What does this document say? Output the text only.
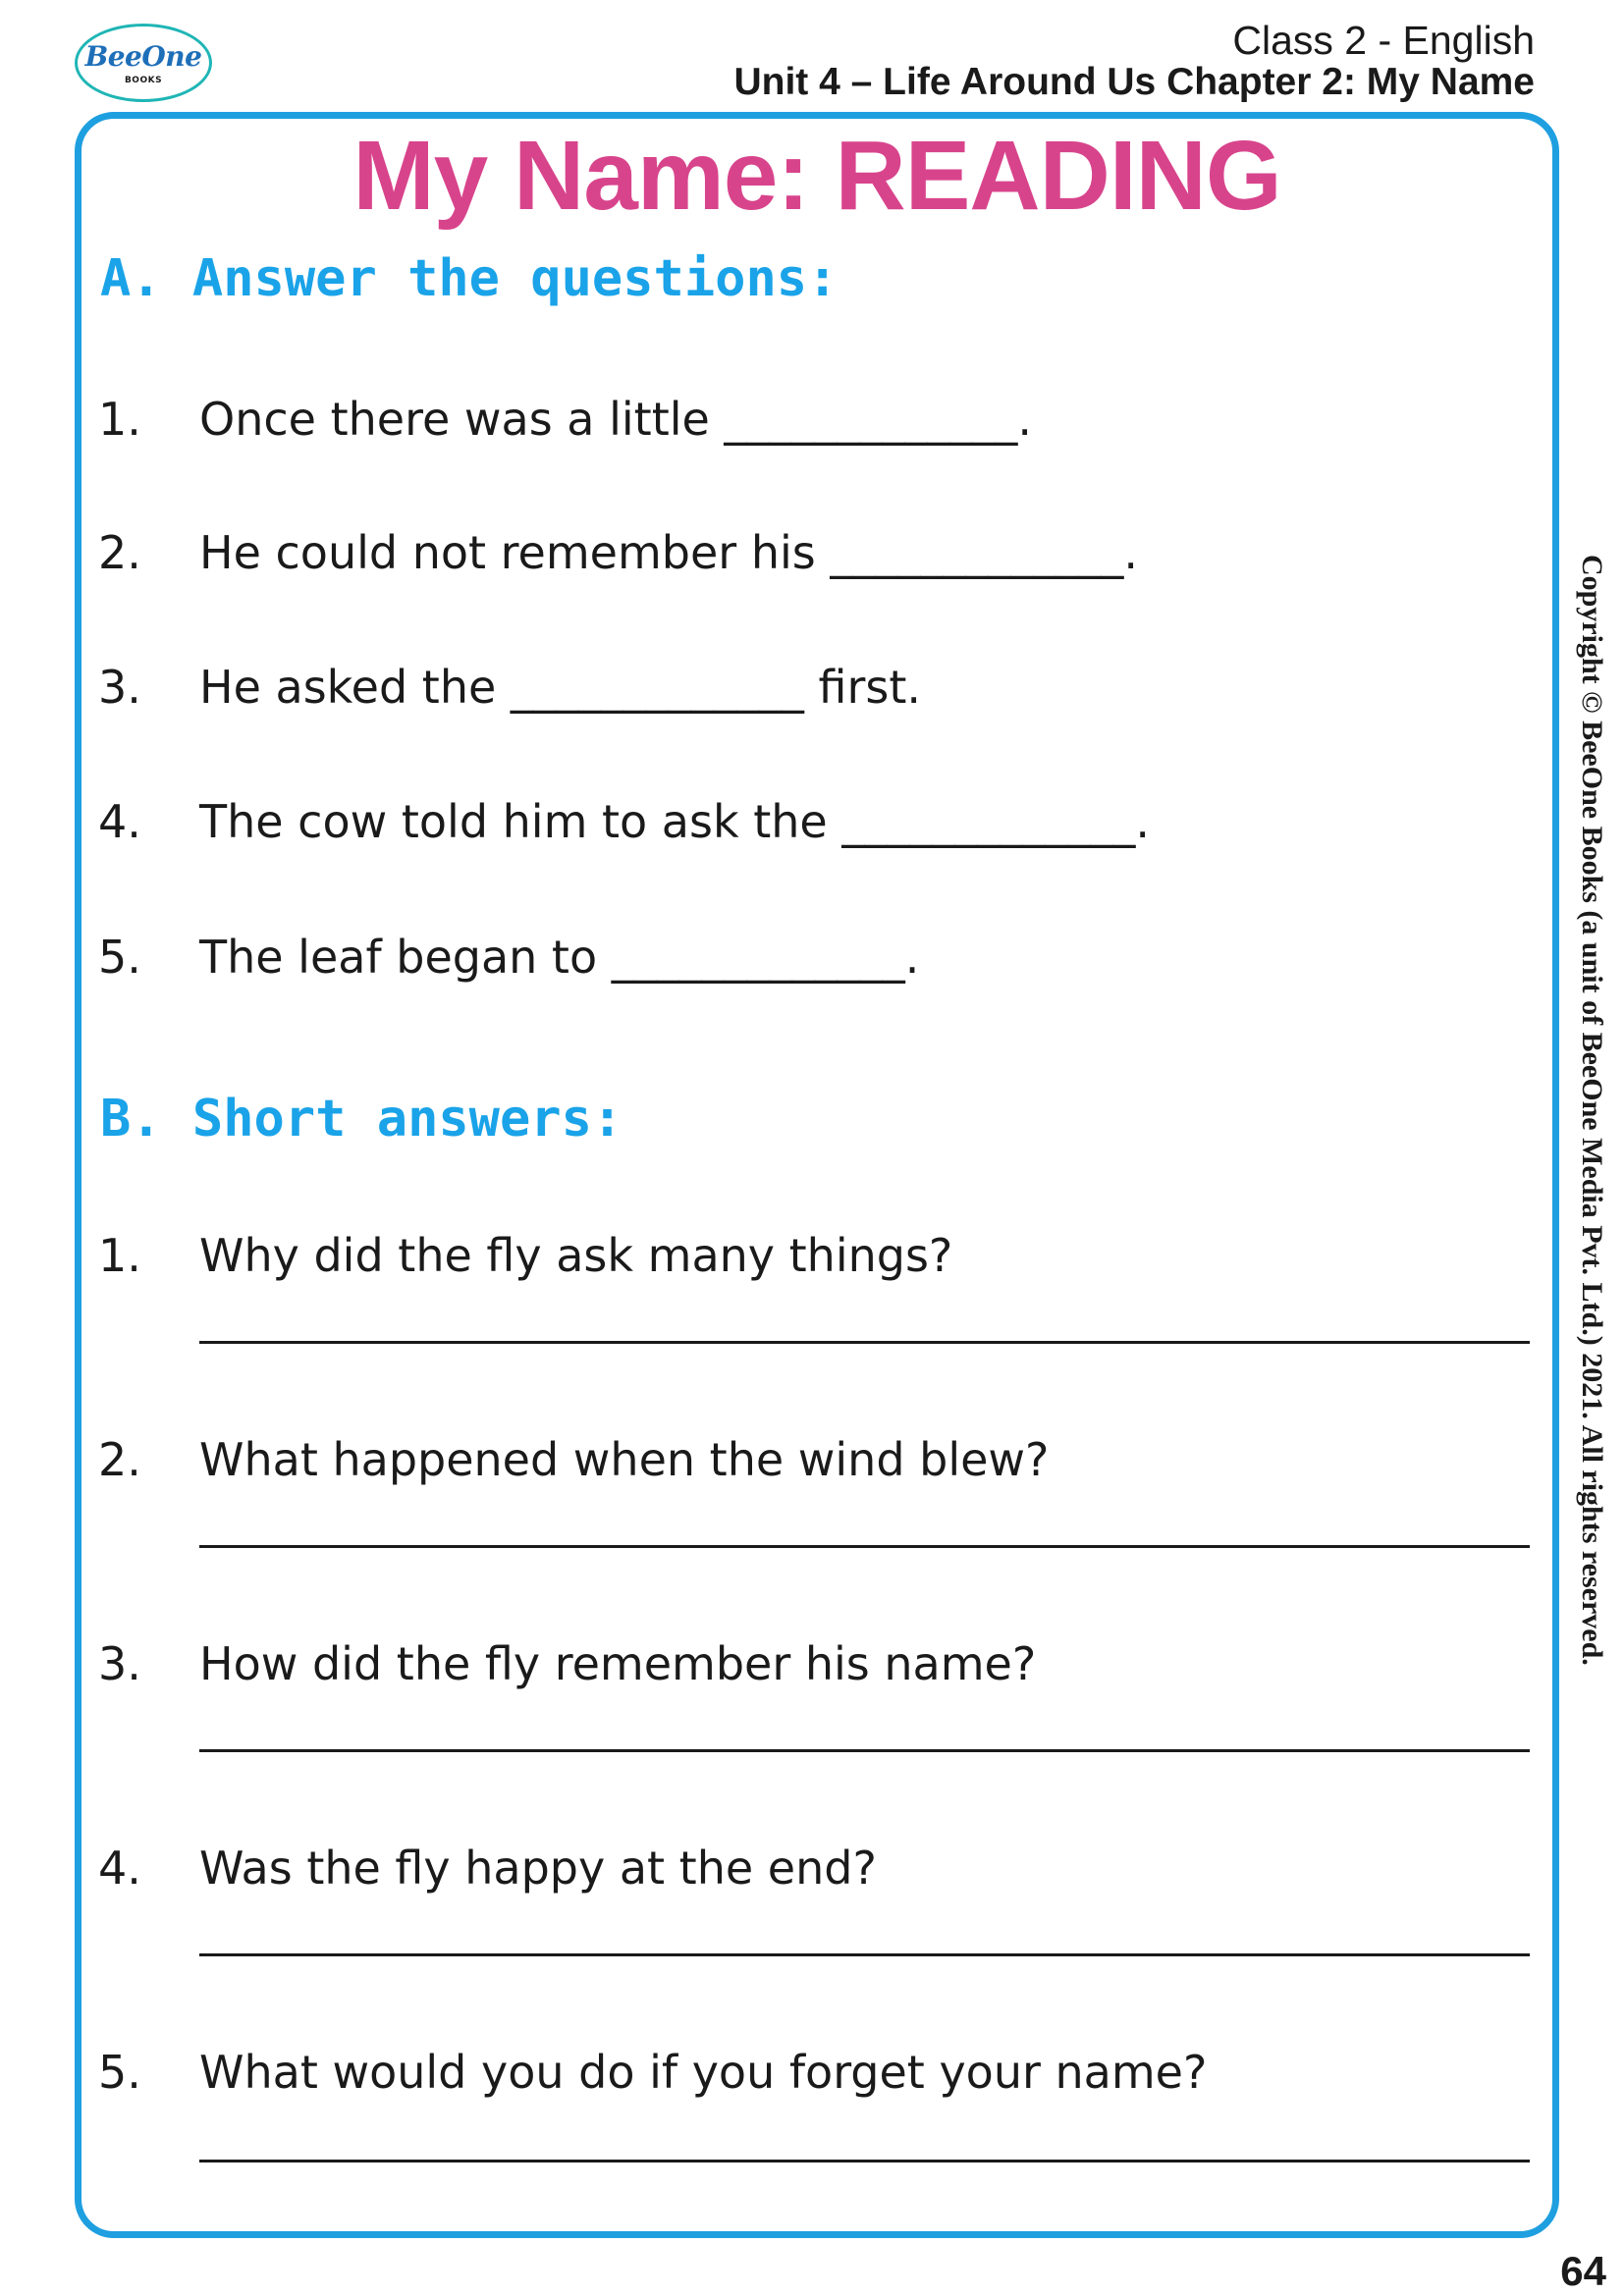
BeeOne
BOOKS
Class 2 - English
Unit 4 – Life Around Us Chapter 2: My Name
My Name: READING
A. Answer the questions:
1. Once there was a little _____________.
2. He could not remember his _____________.
3. He asked the _____________ first.
4. The cow told him to ask the _____________.
5. The leaf began to _____________.
B. Short answers:
1. Why did the fly ask many things?
2. What happened when the wind blew?
3. How did the fly remember his name?
4. Was the fly happy at the end?
5. What would you do if you forget your name?
Copyright © BeeOne Books (a unit of BeeOne Media Pvt. Ltd.) 2021. All rights reserved.
64
